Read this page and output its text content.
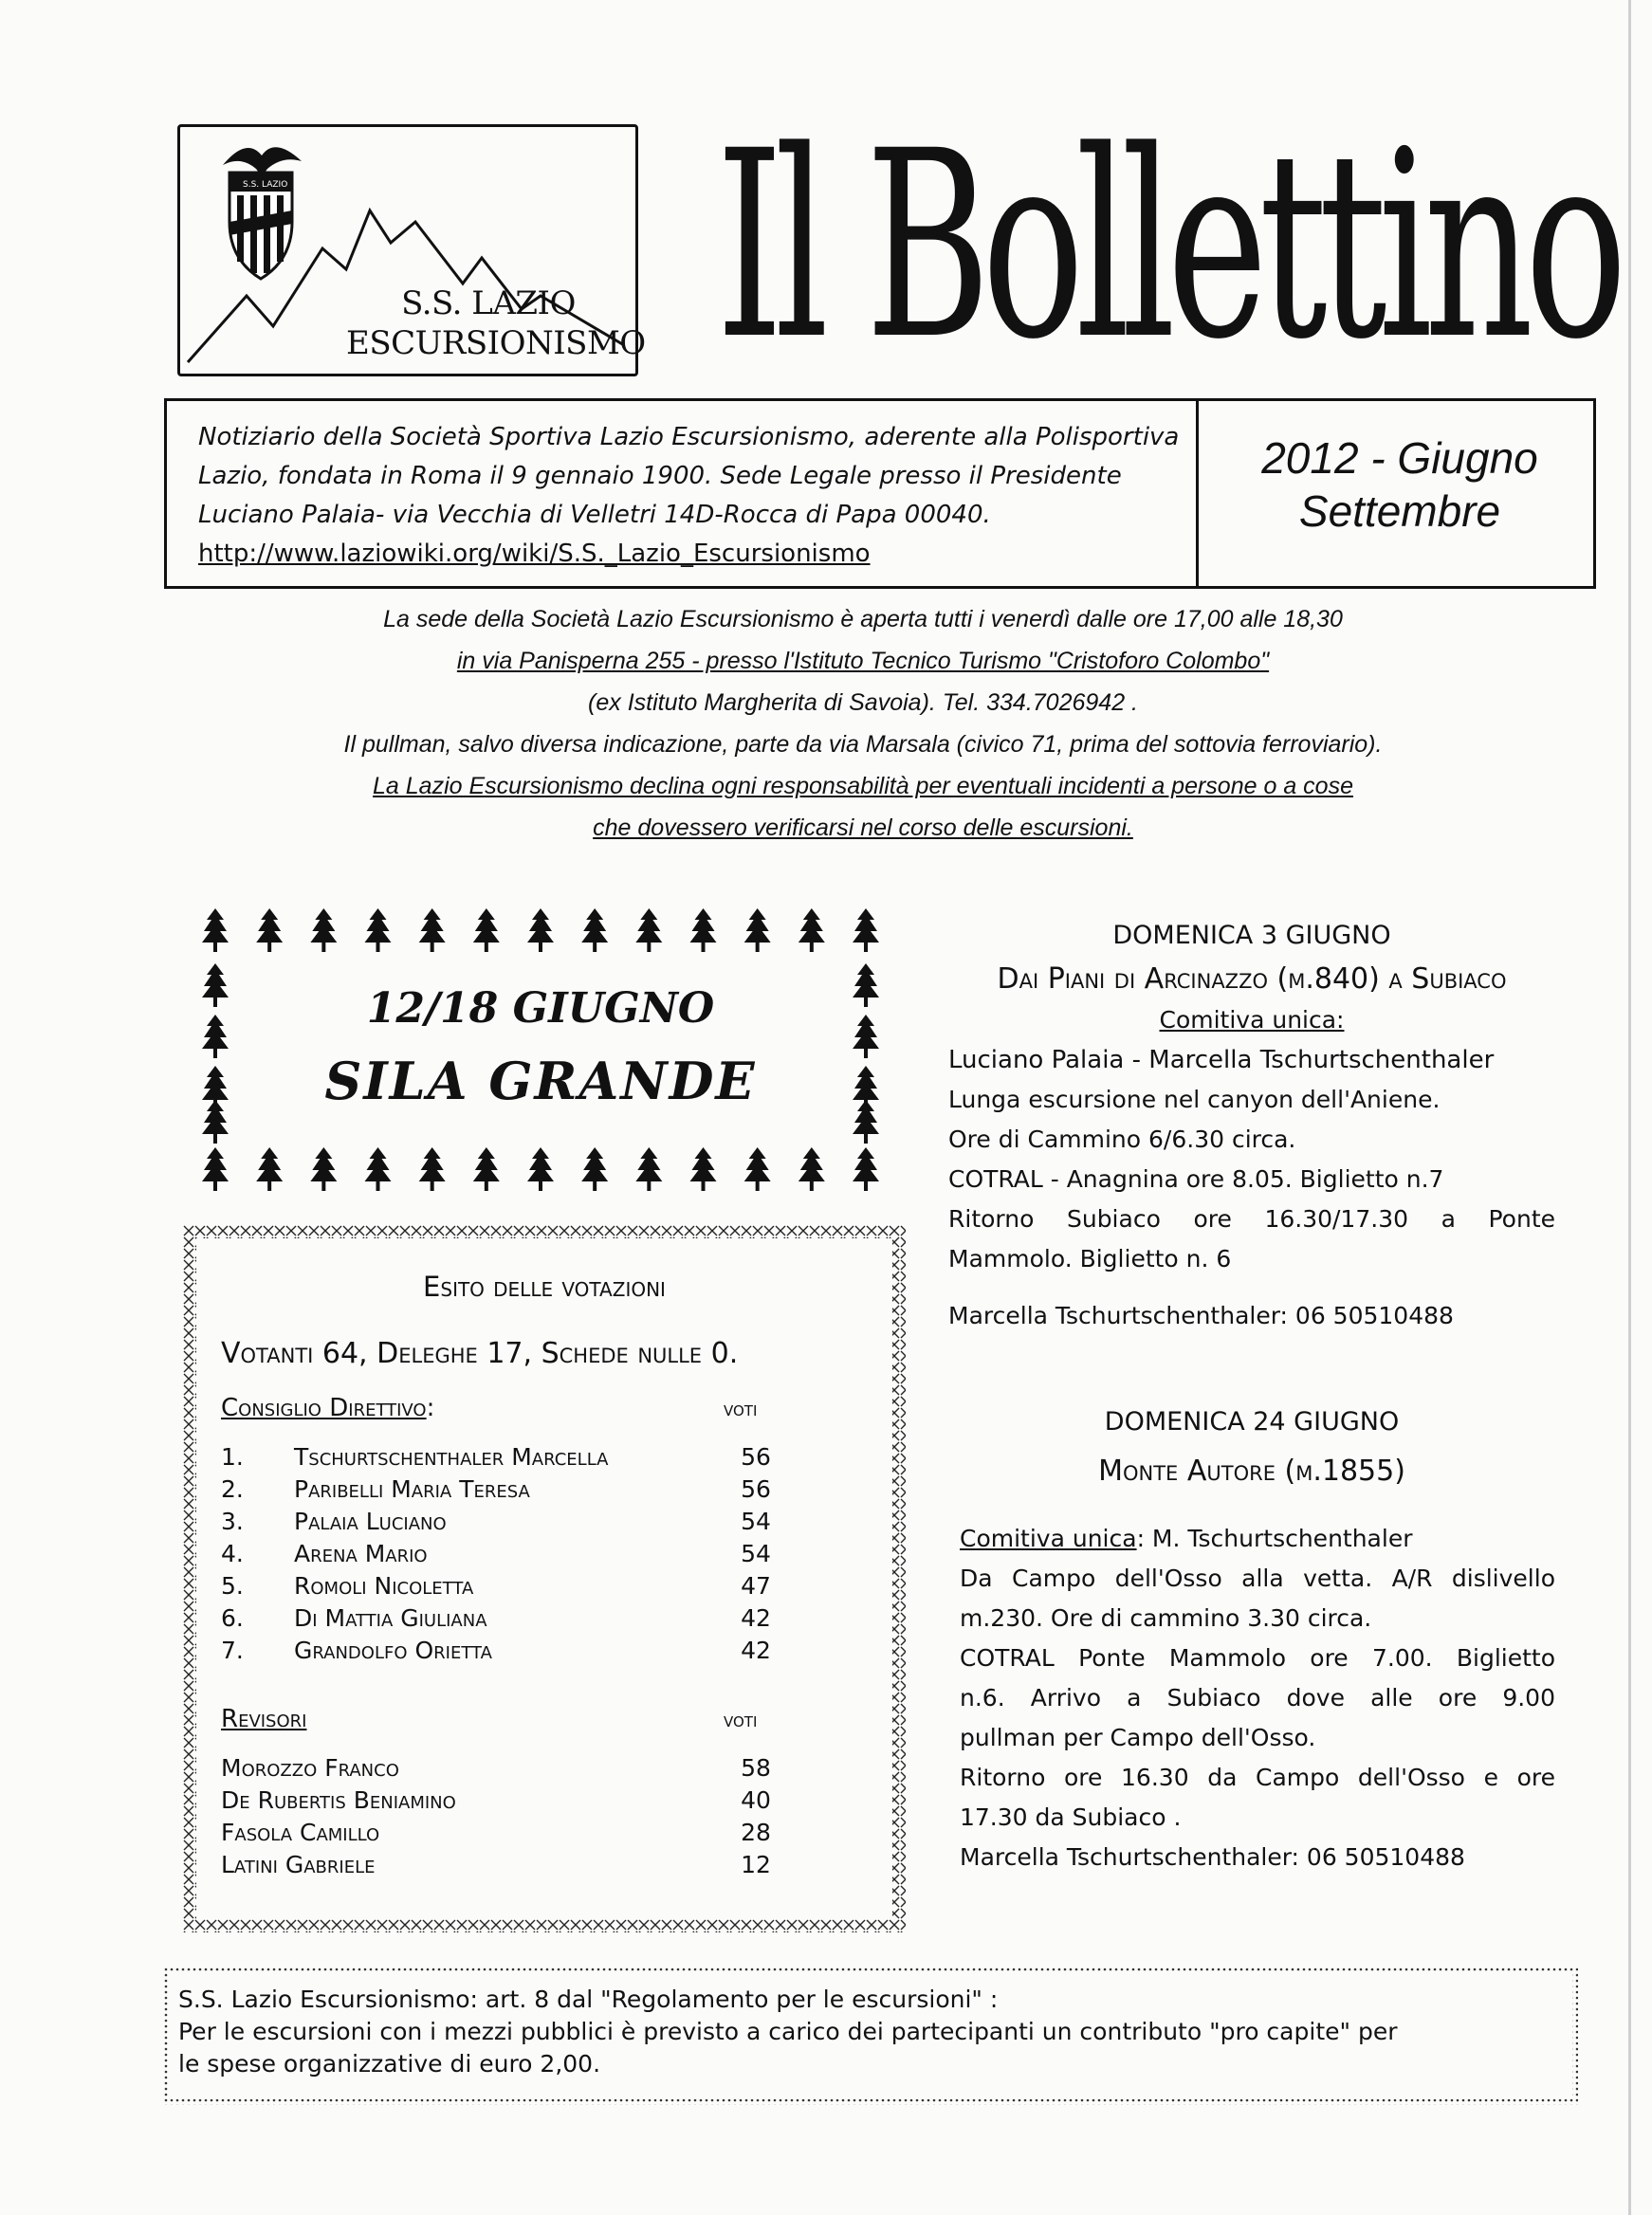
S.S. LAZIO
S.S. LAZIO
ESCURSIONISMO Il Bollettino
Notiziario della Società Sportiva Lazio Escursionismo, aderente alla Polisportiva Lazio, fondata in Roma il 9 gennaio 1900. Sede Legale presso il Presidente Luciano Palaia- via Vecchia di Velletri 14D-Rocca di Papa 00040.
http://www.laziowiki.org/wiki/S.S._Lazio_Escursionismo
2012 - Giugno
Settembre
La sede della Società Lazio Escursionismo è aperta tutti i venerdì dalle ore 17,00 alle 18,30
in via Panisperna 255 - presso l'Istituto Tecnico Turismo "Cristoforo Colombo"
(ex Istituto Margherita di Savoia). Tel. 334.7026942 .
Il pullman, salvo diversa indicazione, parte da via Marsala (civico 71, prima del sottovia ferroviario).
La Lazio Escursionismo declina ogni responsabilità per eventuali incidenti a persone o a cose
che dovessero verificarsi nel corso delle escursioni.
12/18 GIUGNO
SILA GRANDE
Esito delle votazioni
Votanti 64, Deleghe 17, Schede nulle 0.
Consiglio Direttivo:	voti
1.	Tschurtschenthaler Marcella	56
2.	Paribelli Maria Teresa	56
3.	Palaia Luciano	54
4.	Arena Mario	54
5.	Romoli Nicoletta	47
6.	Di Mattia Giuliana	42
7.	Grandolfo Orietta	42
Revisori	voti
Morozzo Franco	58
De Rubertis Beniamino	40
Fasola Camillo	28
Latini Gabriele	12
DOMENICA 3 GIUGNO
Dai Piani di Arcinazzo (m.840) a Subiaco
Comitiva unica:
Luciano Palaia - Marcella Tschurtschenthaler
Lunga escursione nel canyon dell'Aniene.
Ore di Cammino 6/6.30 circa.
COTRAL - Anagnina ore 8.05. Biglietto n.7
Ritorno Subiaco ore 16.30/17.30 a Ponte
Mammolo. Biglietto n. 6
Marcella Tschurtschenthaler: 06 50510488
DOMENICA 24 GIUGNO
Monte Autore (m.1855)
Comitiva unica: M. Tschurtschenthaler
Da Campo dell'Osso alla vetta. A/R dislivello
m.230. Ore di cammino 3.30 circa.
COTRAL Ponte Mammolo ore 7.00. Biglietto
n.6. Arrivo a Subiaco dove alle ore 9.00
pullman per Campo dell'Osso.
Ritorno ore 16.30 da Campo dell'Osso e ore
17.30 da Subiaco .
Marcella Tschurtschenthaler: 06 50510488
S.S. Lazio Escursionismo: art. 8 dal "Regolamento per le escursioni" :
Per le escursioni con i mezzi pubblici è previsto a carico dei partecipanti un contributo "pro capite" per
le spese organizzative di euro 2,00.
